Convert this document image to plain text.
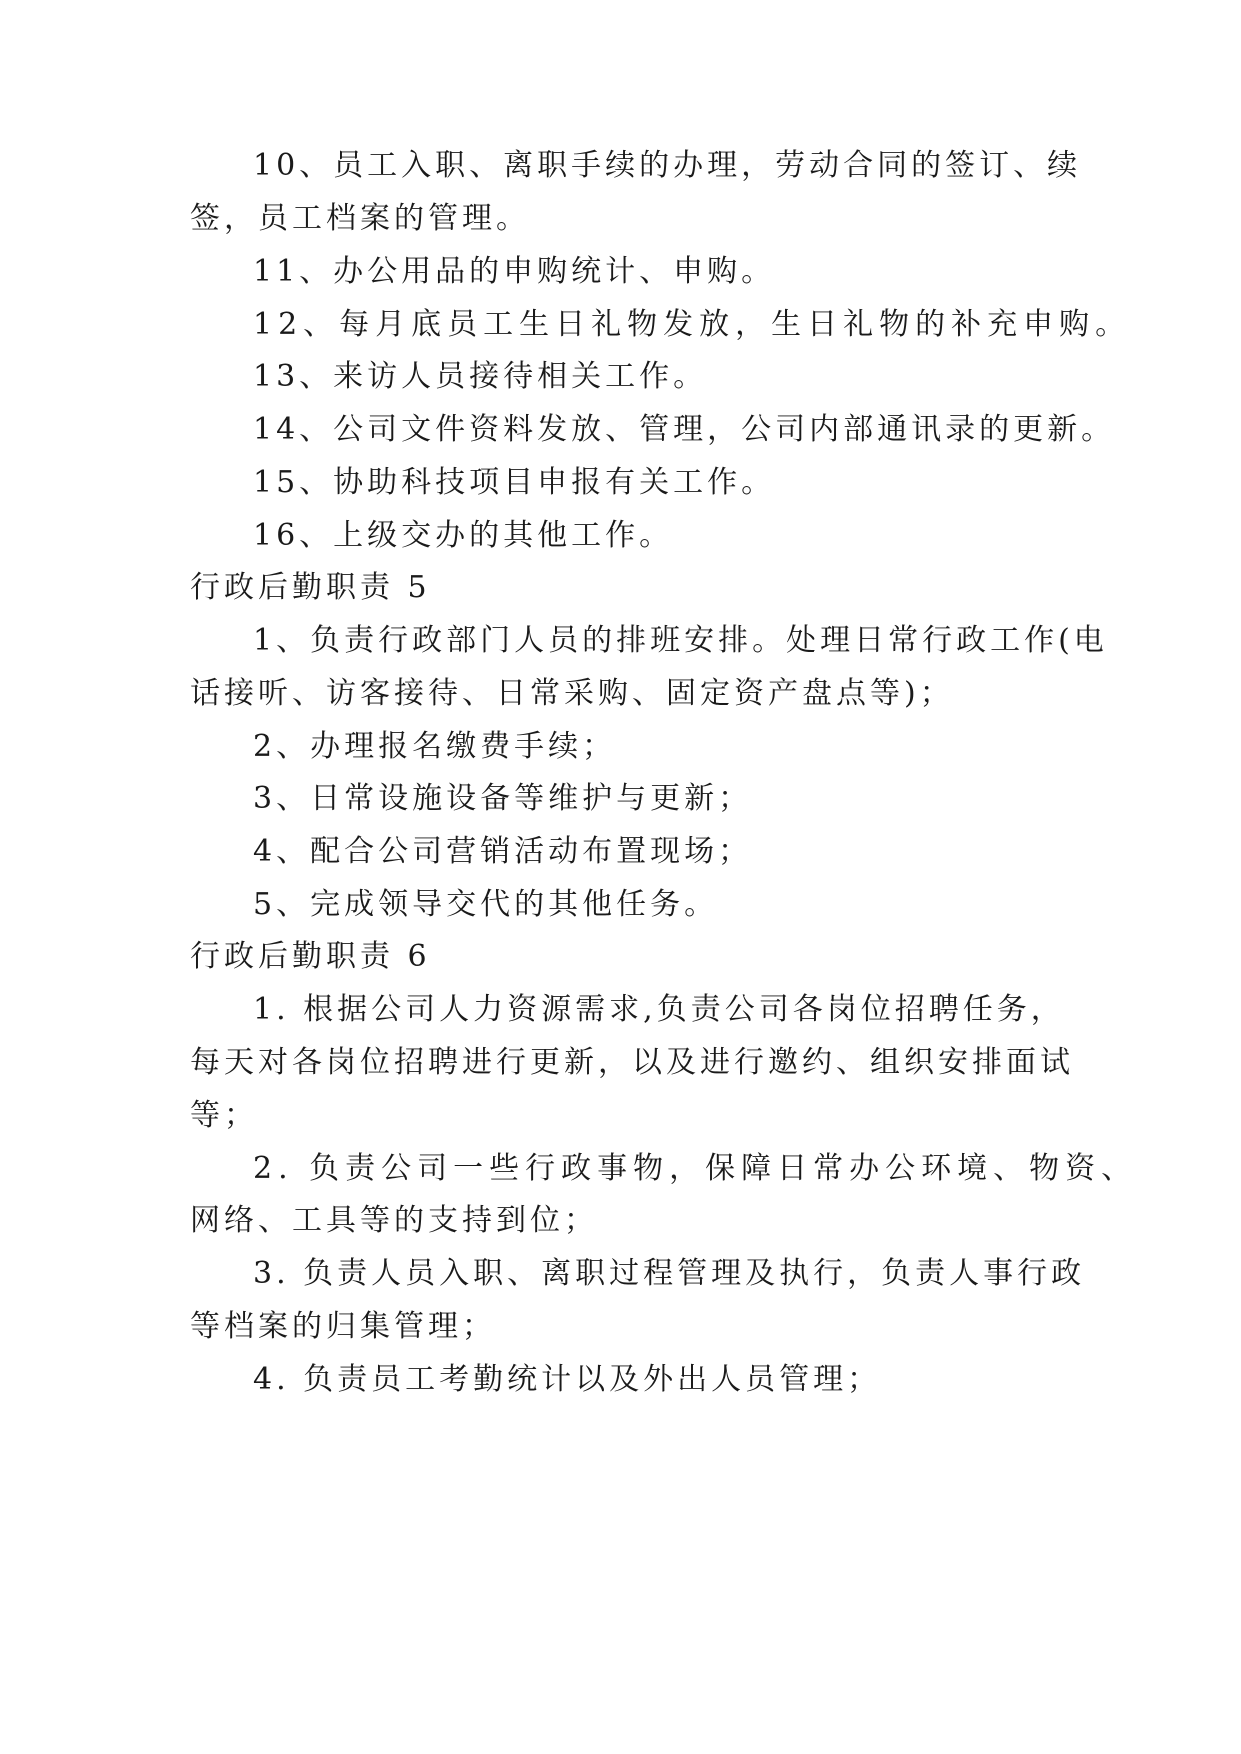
10、员工入职、离职手续的办理，劳动合同的签订、续
签，员工档案的管理。
11、办公用品的申购统计、申购。
12、每月底员工生日礼物发放，生日礼物的补充申购。
13、来访人员接待相关工作。
14、公司文件资料发放、管理，公司内部通讯录的更新。
15、协助科技项目申报有关工作。
16、上级交办的其他工作。
行政后勤职责 5
1、负责行政部门人员的排班安排。处理日常行政工作(电
话接听、访客接待、日常采购、固定资产盘点等)；
2、办理报名缴费手续；
3、日常设施设备等维护与更新；
4、配合公司营销活动布置现场；
5、完成领导交代的其他任务。
行政后勤职责 6
1. 根据公司人力资源需求,负责公司各岗位招聘任务，
每天对各岗位招聘进行更新，以及进行邀约、组织安排面试
等；
2. 负责公司一些行政事物，保障日常办公环境、物资、
网络、工具等的支持到位；
3. 负责人员入职、离职过程管理及执行，负责人事行政
等档案的归集管理；
4. 负责员工考勤统计以及外出人员管理；
